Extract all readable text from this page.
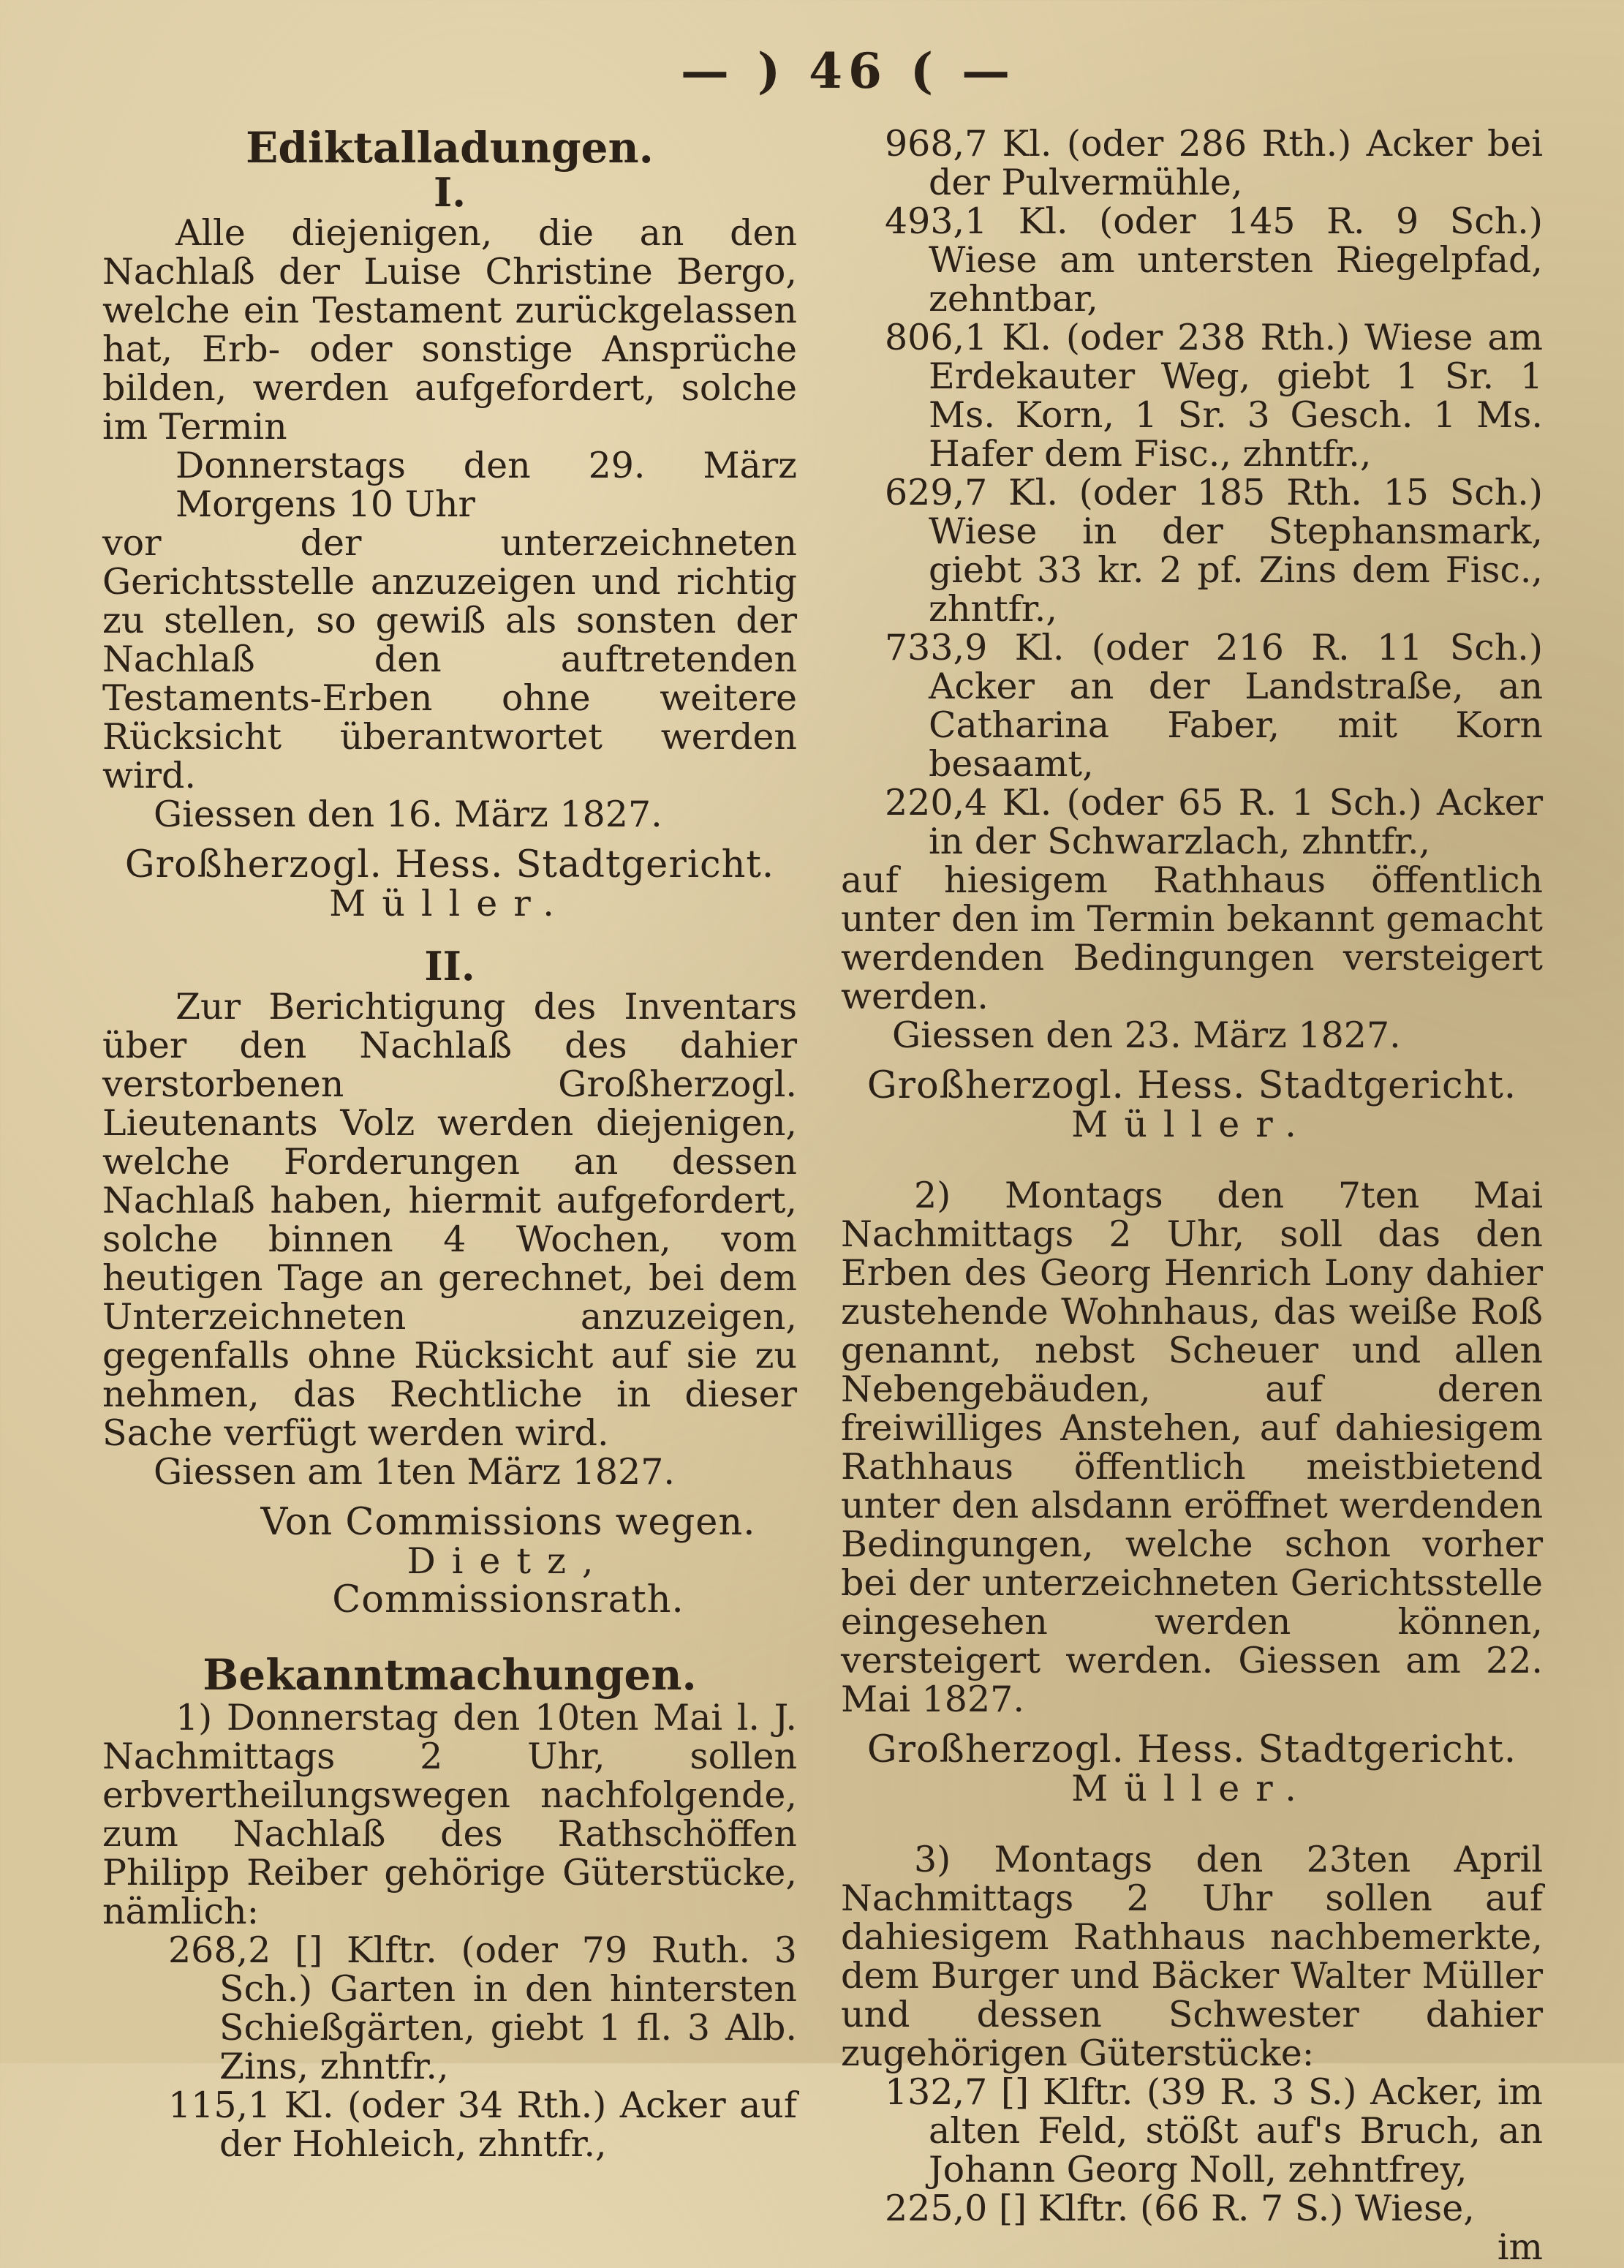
— ) 46 ( —

Ediktalladungen.

I.

Alle diejenigen, die an den Nachlaß der Luise Christine Bergo, welche ein Testament zurückgelassen hat, Erb- oder sonstige Ansprüche bilden, werden aufgefordert, solche im Termin

Donnerstags den 29. März Morgens 10 Uhr

vor der unterzeichneten Gerichtsstelle anzuzeigen und richtig zu stellen, so gewiß als sonsten der Nachlaß den auftretenden Testaments-Erben ohne weitere Rücksicht überantwortet werden wird.

Giessen den 16. März 1827.

Großherzogl. Hess. Stadtgericht.

Müller.

II.

Zur Berichtigung des Inventars über den Nachlaß des dahier verstorbenen Großherzogl. Lieutenants Volz werden diejenigen, welche Forderungen an dessen Nachlaß haben, hiermit aufgefordert, solche binnen 4 Wochen, vom heutigen Tage an gerechnet, bei dem Unterzeichneten anzuzeigen, gegenfalls ohne Rücksicht auf sie zu nehmen, das Rechtliche in dieser Sache verfügt werden wird.

Giessen am 1ten März 1827.

Von Commissions wegen.

Dietz,

Commissionsrath.

Bekanntmachungen.

1) Donnerstag den 10ten Mai l. J. Nachmittags 2 Uhr, sollen erbvertheilungswegen nachfolgende, zum Nachlaß des Rathschöffen Philipp Reiber gehörige Güterstücke, nämlich:

268,2 [] Klftr. (oder 79 Ruth. 3 Sch.) Garten in den hintersten Schießgärten, giebt 1 fl. 3 Alb. Zins, zhntfr.,

115,1 Kl. (oder 34 Rth.) Acker auf der Hohleich, zhntfr.,

968,7 Kl. (oder 286 Rth.) Acker bei der Pulvermühle,

493,1 Kl. (oder 145 R. 9 Sch.) Wiese am untersten Riegelpfad, zehntbar,

806,1 Kl. (oder 238 Rth.) Wiese am Erdekauter Weg, giebt 1 Sr. 1 Ms. Korn, 1 Sr. 3 Gesch. 1 Ms. Hafer dem Fisc., zhntfr.,

629,7 Kl. (oder 185 Rth. 15 Sch.) Wiese in der Stephansmark, giebt 33 kr. 2 pf. Zins dem Fisc., zhntfr.,

733,9 Kl. (oder 216 R. 11 Sch.) Acker an der Landstraße, an Catharina Faber, mit Korn besaamt,

220,4 Kl. (oder 65 R. 1 Sch.) Acker in der Schwarzlach, zhntfr.,

auf hiesigem Rathhaus öffentlich unter den im Termin bekannt gemacht werdenden Bedingungen versteigert werden.

Giessen den 23. März 1827.

Großherzogl. Hess. Stadtgericht.

Müller.

2) Montags den 7ten Mai Nachmittags 2 Uhr, soll das den Erben des Georg Henrich Lony dahier zustehende Wohnhaus, das weiße Roß genannt, nebst Scheuer und allen Nebengebäuden, auf deren freiwilliges Anstehen, auf dahiesigem Rathhaus öffentlich meistbietend unter den alsdann eröffnet werdenden Bedingungen, welche schon vorher bei der unterzeichneten Gerichtsstelle eingesehen werden können, versteigert werden. Giessen am 22. Mai 1827.

Großherzogl. Hess. Stadtgericht.

Müller.

3) Montags den 23ten April Nachmittags 2 Uhr sollen auf dahiesigem Rathhaus nachbemerkte, dem Burger und Bäcker Walter Müller und dessen Schwester dahier zugehörigen Güterstücke:

132,7 [] Klftr. (39 R. 3 S.) Acker, im alten Feld, stößt auf's Bruch, an Johann Georg Noll, zehntfrey,

225,0 [] Klftr. (66 R. 7 S.) Wiese,

im
